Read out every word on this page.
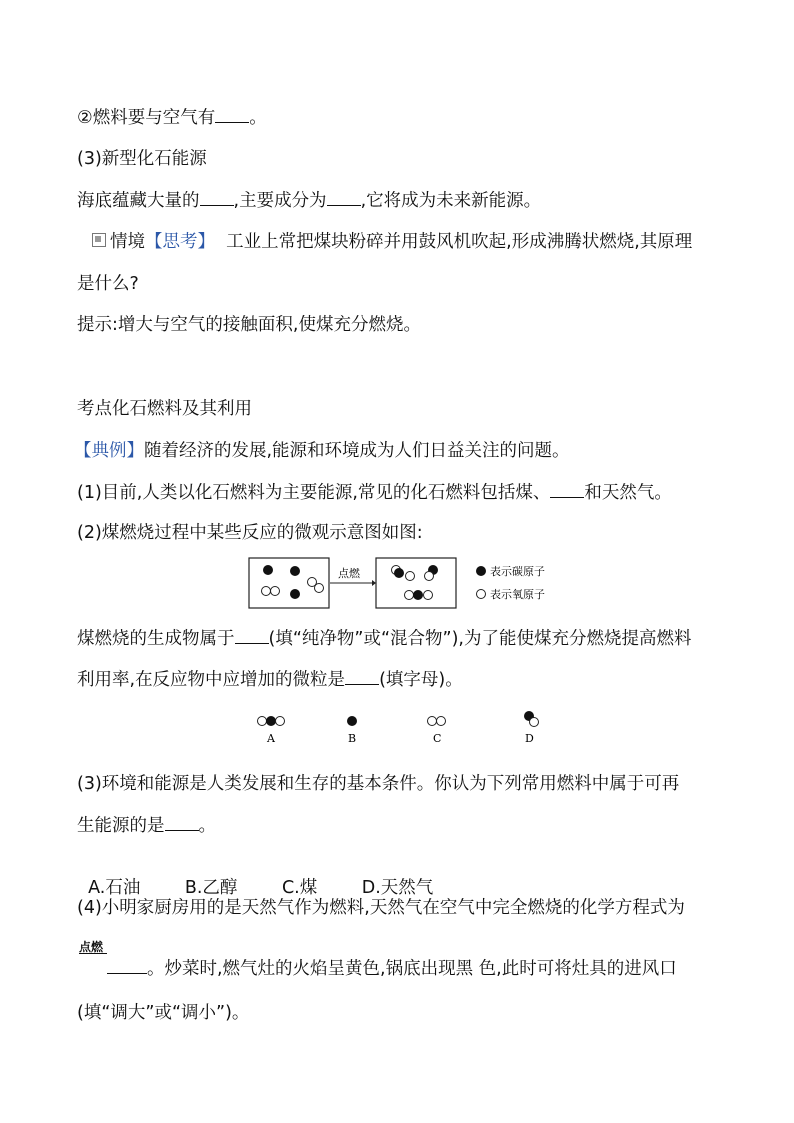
②燃料要与空气有 。
(3)新型化石能源
海底蕴藏大量的 ,主要成分为 ,它将成为未来新能源。
情境【思考】 工业上常把煤块粉碎并用鼓风机吹起,形成沸腾状燃烧,其原理
是什么?
提示:增大与空气的接触面积,使煤充分燃烧。
考点化石燃料及其利用
【典例】随着经济的发展,能源和环境成为人们日益关注的问题。
(1)目前,人类以化石燃料为主要能源,常见的化石燃料包括煤、 和天然气。
(2)煤燃烧过程中某些反应的微观示意图如图:
点燃	表示碳原子
表示氧原子
煤燃烧的生成物属于 (填“纯净物”或“混合物”),为了能使煤充分燃烧提高燃料
利用率,在反应物中应增加的微粒是 (填字母)。
A	B	C	D
(3)环境和能源是人类发展和生存的基本条件。你认为下列常用燃料中属于可再
生能源的是 。

A.石油        B.乙醇        C.煤        D.天然气

(4)小明家厨房用的是天然气作为燃料,天然气在空气中完全燃烧的化学方程式为
点燃
。炒菜时,燃气灶的火焰呈黄色,锅底出现黑 色,此时可将灶具的进风口
(填“调大”或“调小”)。
